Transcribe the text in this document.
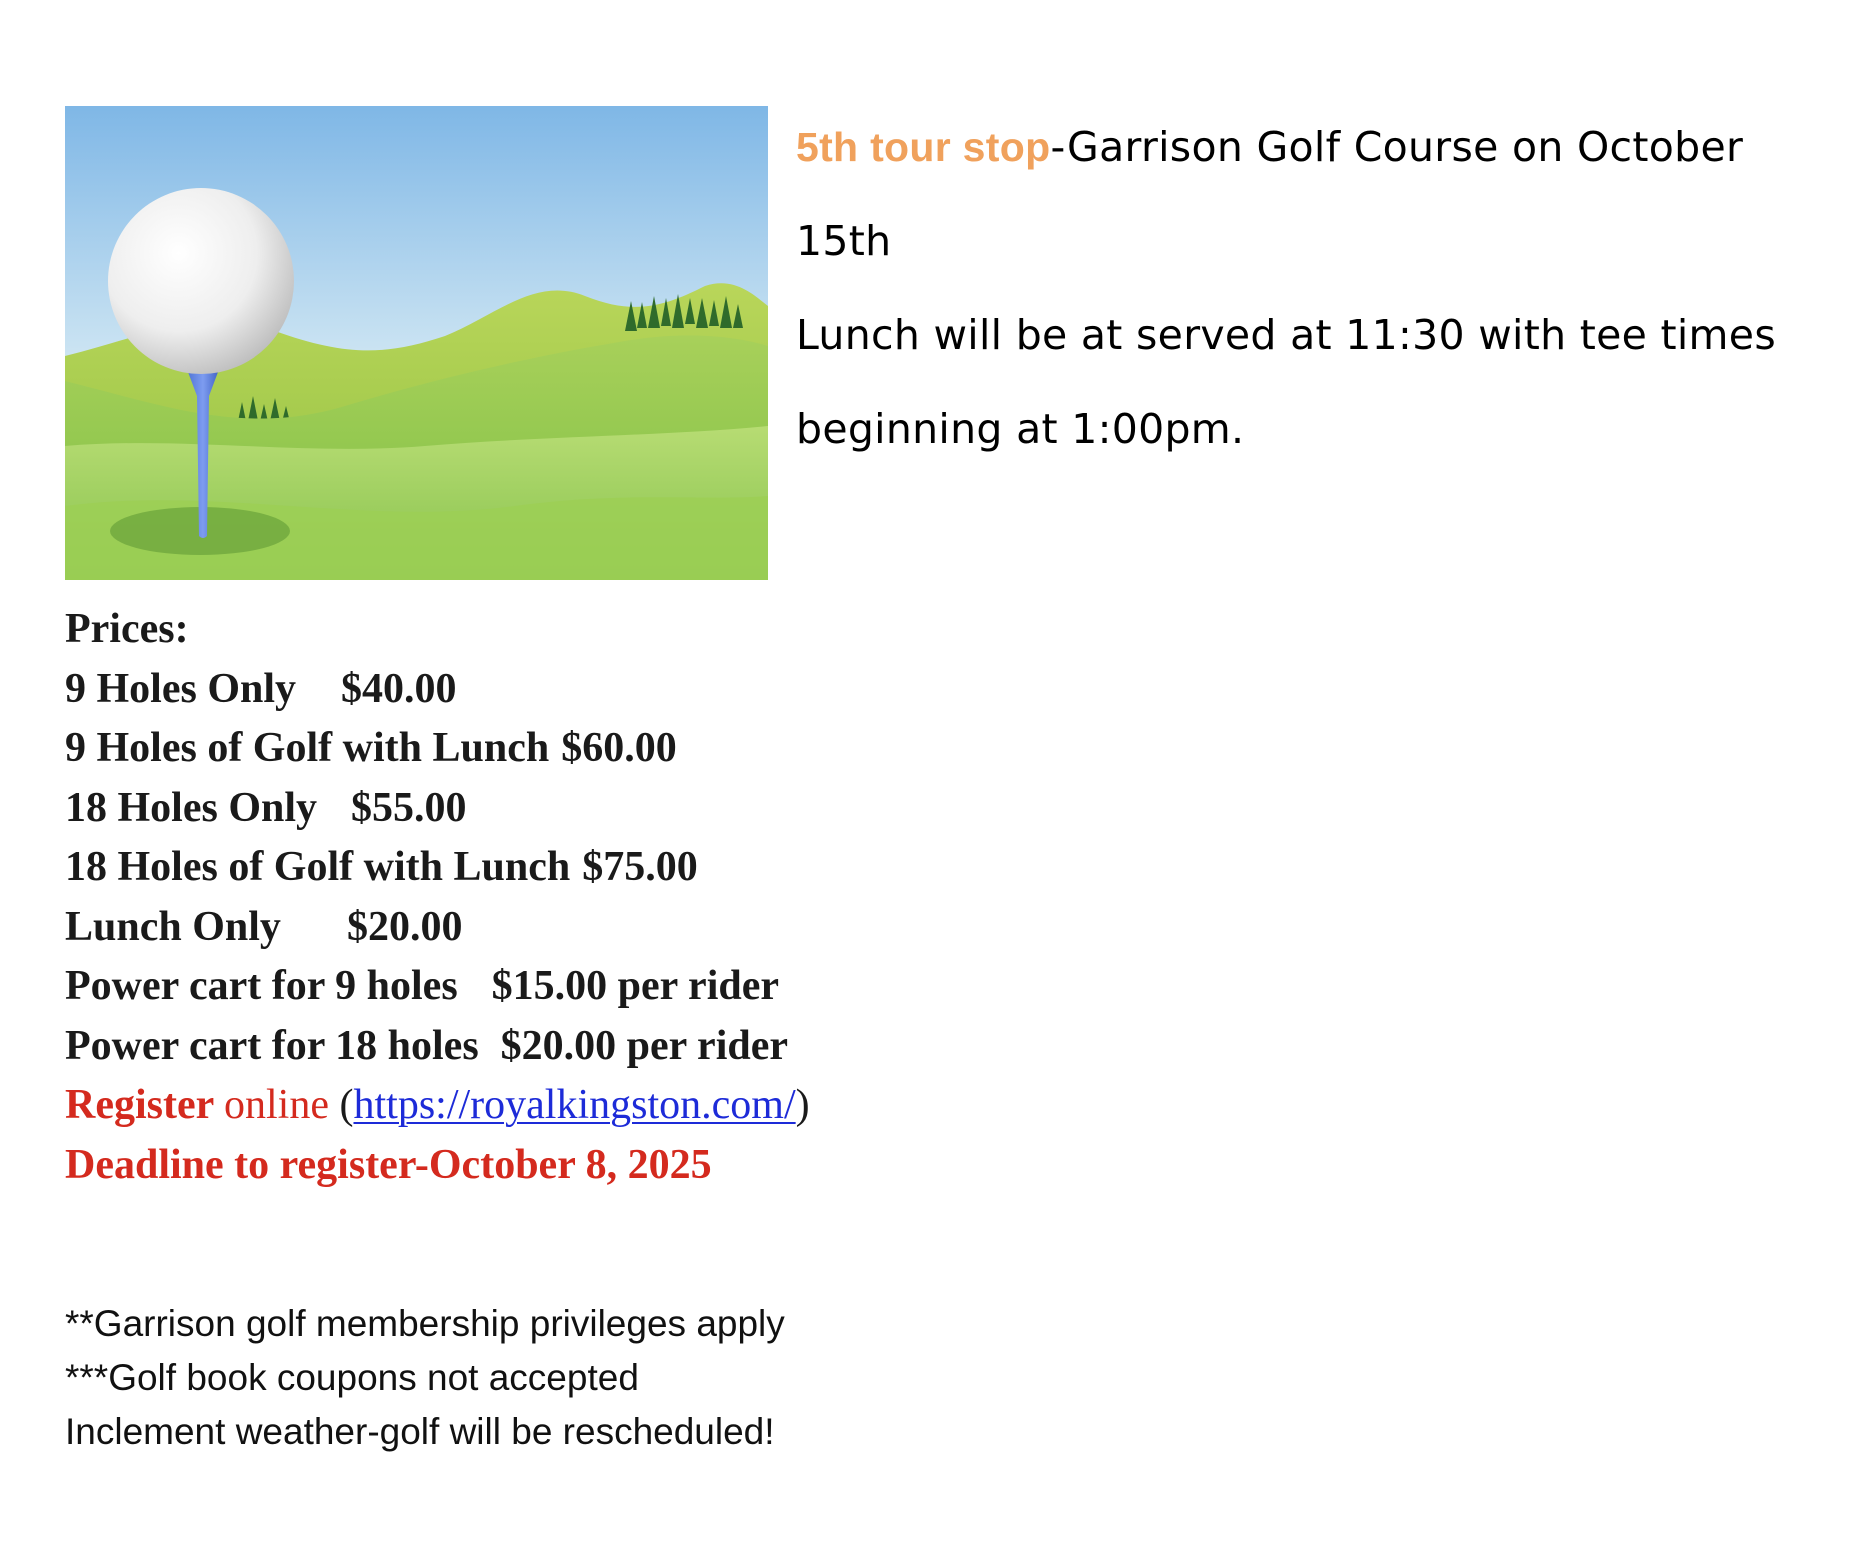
5th tour stop-Garrison Golf Course on October
15th
Lunch will be at served at 11:30 with tee times
beginning at 1:00pm.
Prices:
9 Holes Only $40.00
9 Holes of Golf with Lunch $60.00
18 Holes Only $55.00
18 Holes of Golf with Lunch $75.00
Lunch Only $20.00
Power cart for 9 holes $15.00 per rider
Power cart for 18 holes $20.00 per rider
Register online (https://royalkingston.com/)
Deadline to register-October 8, 2025
**Garrison golf membership privileges apply
***Golf book coupons not accepted
Inclement weather-golf will be rescheduled!
